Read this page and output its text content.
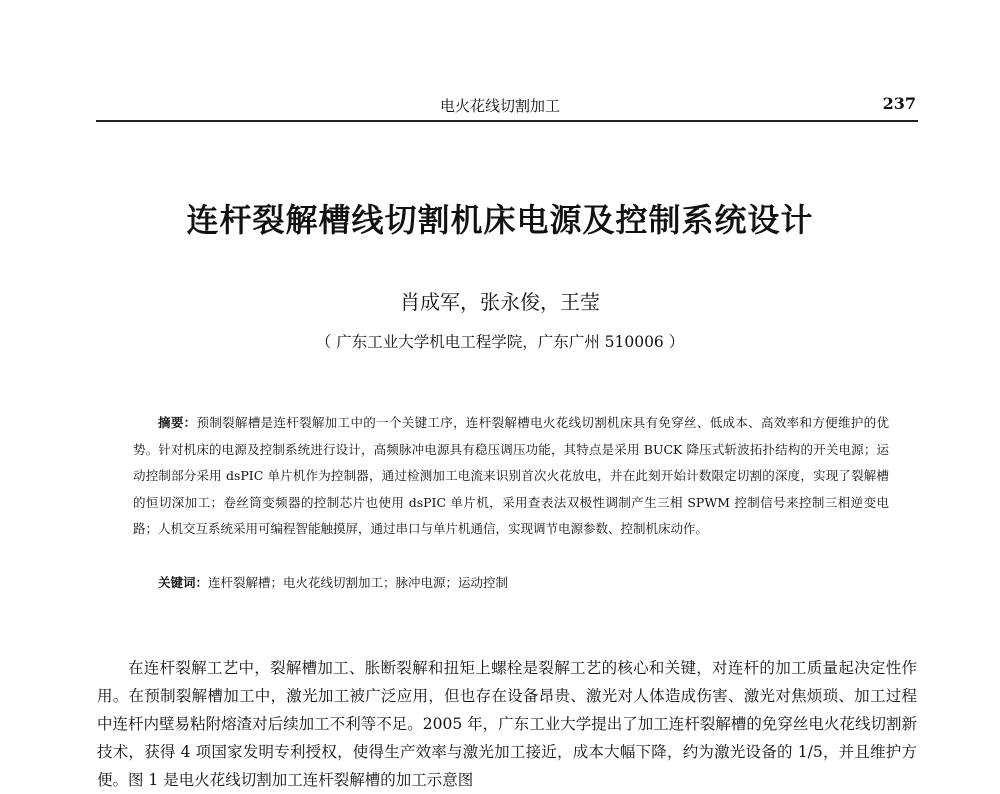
电火花线切割加工	237
连杆裂解槽线切割机床电源及控制系统设计
肖成军，张永俊，王莹
（ 广东工业大学机电工程学院，广东广州 510006 ）
摘要：预制裂解槽是连杆裂解加工中的一个关键工序，连杆裂解槽电火花线切割机床具有免穿丝、低成本、高效率和方便维护的优势。针对机床的电源及控制系统进行设计，高频脉冲电源具有稳压调压功能，其特点是采用 BUCK 降压式斩波拓扑结构的开关电源；运动控制部分采用 dsPIC 单片机作为控制器，通过检测加工电流来识别首次火花放电，并在此刻开始计数限定切割的深度，实现了裂解槽的恒切深加工；卷丝筒变频器的控制芯片也使用 dsPIC 单片机，采用查表法双极性调制产生三相 SPWM 控制信号来控制三相逆变电路；人机交互系统采用可编程智能触摸屏，通过串口与单片机通信，实现调节电源参数、控制机床动作。
关键词：连杆裂解槽；电火花线切割加工；脉冲电源；运动控制
在连杆裂解工艺中，裂解槽加工、胀断裂解和扭矩上螺栓是裂解工艺的核心和关键，对连杆的加工质量起决定性作用。在预制裂解槽加工中，激光加工被广泛应用，但也存在设备昂贵、激光对人体造成伤害、激光对焦烦琐、加工过程中连杆内壁易粘附熔渣对后续加工不利等不足。2005 年，广东工业大学提出了加工连杆裂解槽的免穿丝电火花线切割新技术，获得 4 项国家发明专利授权，使得生产效率与激光加工接近，成本大幅下降，约为激光设备的 1/5，并且维护方便。图 1 是电火花线切割加工连杆裂解槽的加工示意图
